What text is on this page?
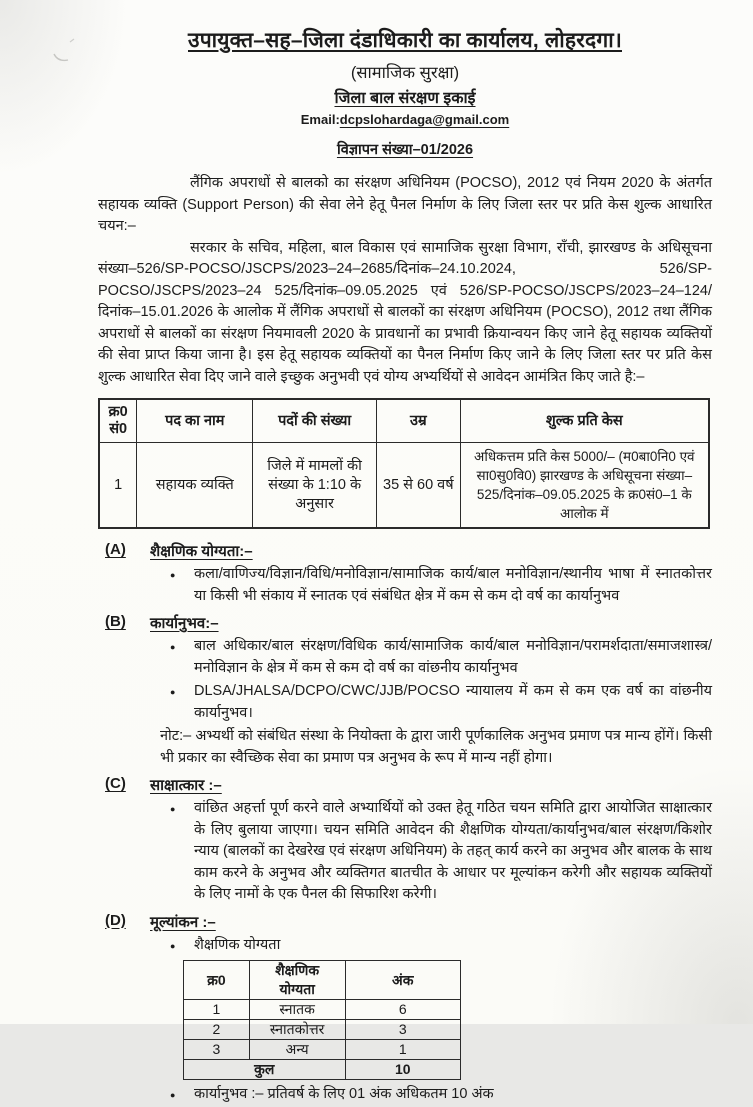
उपायुक्त–सह–जिला दंडाधिकारी का कार्यालय, लोहरदगा।
(सामाजिक सुरक्षा)
जिला बाल संरक्षण इकाई
Email:dcpslohardaga@gmail.com
विज्ञापन संख्या–01/2026

लैंगिक अपराधों से बालको का संरक्षण अधिनियम (POCSO), 2012 एवं नियम 2020 के अंतर्गत सहायक व्यक्ति (Support Person) की सेवा लेने हेतू पैनल निर्माण के लिए जिला स्तर पर प्रति केस शुल्क आधारित चयन:–

सरकार के सचिव, महिला, बाल विकास एवं सामाजिक सुरक्षा विभाग, राँची, झारखण्ड के अधिसूचना संख्या–526/SP-POCSO/JSCPS/2023–24–2685/दिनांक–24.10.2024, 526/SP-POCSO/JSCPS/2023–24 525/दिनांक–09.05.2025 एवं 526/SP-POCSO/JSCPS/2023–24–124/दिनांक–15.01.2026 के आलोक में लैंगिक अपराधों से बालकों का संरक्षण अधिनियम (POCSO), 2012 तथा लैंगिक अपराधों से बालकों का संरक्षण नियमावली 2020 के प्रावधानों का प्रभावी क्रियान्वयन किए जाने हेतू सहायक व्यक्तियों की सेवा प्राप्त किया जाना है। इस हेतू सहायक व्यक्तियों का पैनल निर्माण किए जाने के लिए जिला स्तर पर प्रति केस शुल्क आधारित सेवा दिए जाने वाले इच्छुक अनुभवी एवं योग्य अभ्यर्थियों से आवेदन आमंत्रित किए जाते है:–

क्र0 सं0	पद का नाम	पदों की संख्या	उम्र	शुल्क प्रति केस
1	सहायक व्यक्ति	जिले में मामलों की संख्या के 1:10 के अनुसार	35 से 60 वर्ष	अधिकत्तम प्रति केस 5000/– (म0बा0नि0 एवं सा0सु0वि0) झारखण्ड के अधिसूचना संख्या–525/दिनांक–09.05.2025 के क्र0सं0–1 के आलोक में
(A)	शैक्षणिक योग्यता:–
●	कला/वाणिज्य/विज्ञान/विधि/मनोविज्ञान/सामाजिक कार्य/बाल मनोविज्ञान/स्थानीय भाषा में स्नातकोत्तर या किसी भी संकाय में स्नातक एवं संबंधित क्षेत्र में कम से कम दो वर्ष का कार्यानुभव
(B)	कार्यानुभव:–
●	बाल अधिकार/बाल संरक्षण/विधिक कार्य/सामाजिक कार्य/बाल मनोविज्ञान/परामर्शदाता/समाजशास्त्र/मनोविज्ञान के क्षेत्र में कम से कम दो वर्ष का वांछनीय कार्यानुभव
●	DLSA/JHALSA/DCPO/CWC/JJB/POCSO न्यायालय में कम से कम एक वर्ष का वांछनीय कार्यानुभव।
नोट:– अभ्यर्थी को संबंधित संस्था के नियोक्ता के द्वारा जारी पूर्णकालिक अनुभव प्रमाण पत्र मान्य होंगें। किसी भी प्रकार का स्वैच्छिक सेवा का प्रमाण पत्र अनुभव के रूप में मान्य नहीं होगा।
(C)	साक्षात्कार :–
●	वांछित अहर्त्ता पूर्ण करने वाले अभ्यार्थियों को उक्त हेतू गठित चयन समिति द्वारा आयोजित साक्षात्कार के लिए बुलाया जाएगा। चयन समिति आवेदन की शैक्षणिक योग्यता/कार्यानुभव/बाल संरक्षण/किशोर न्याय (बालकों का देखरेख एवं संरक्षण अधिनियम) के तहत् कार्य करने का अनुभव और बालक के साथ काम करने के अनुभव और व्यक्तिगत बातचीत के आधार पर मूल्यांकन करेगी और सहायक व्यक्तियों के लिए नामों के एक पैनल की सिफारिश करेगी।
(D)	मूल्यांकन :–
●	शैक्षणिक योग्यता
क्र0	शैक्षणिक योग्यता	अंक
1	स्नातक	6
2	स्नातकोत्तर	3
3	अन्य	1
कुल		10
●	कार्यानुभव :– प्रतिवर्ष के लिए 01 अंक अधिकतम 10 अंक
